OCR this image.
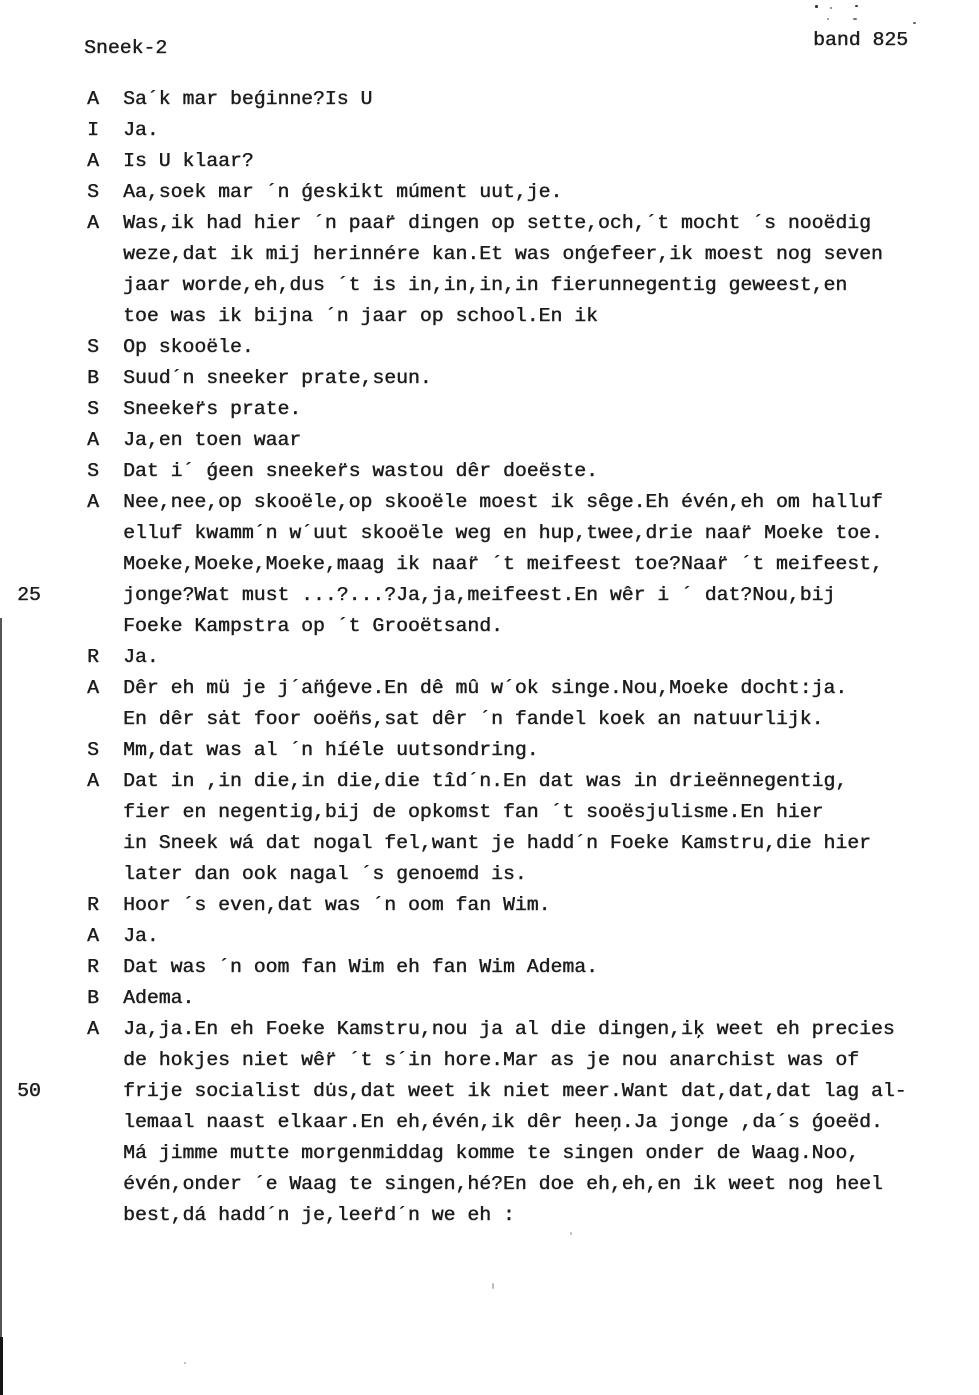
Sneek-2	band 825
A Sa´k mar beǵinne?Is U
I Ja.
A Is U klaar?
S Aa,soek mar ´n ǵeskikt múment uut,je.
A Was,ik had hier ´n paar̈ dingen op sette,och,´t mocht ´s nooëdig
weze,dat ik mij herinnére kan.Et was onǵefeer,ik moest nog seven
jaar worde,eh,dus ´t is in,in,in,in fierunnegentig geweest,en
toe was ik bijna ´n jaar op school.En ik
S Op skooële.
B Suud´n sneeker prate,seun.
S Sneeker̈s prate.
A Ja,en toen waar
S Dat i´ ǵeen sneeker̈s wastou dêr doeëste.
A Nee,nee,op skooële,op skooële moest ik sêge.Eh évén,eh om halluf
elluf kwamm´n w´uut skooële weg en hup,twee,drie naar̈ Moeke toe.
Moeke,Moeke,Moeke,maag ik naar̈ ´t meifeest toe?Naar̈ ´t meifeest,
25	jonge?Wat must ...?...?Ja,ja,meifeest.En wêr i ´ dat?Nou,bij
Foeke Kampstra op ´t Grooëtsand.
R Ja.
A Dêr eh mü je j´an̈ǵeve.En dê mû w´ok singe.Nou,Moeke docht:ja.
En dêr sȧt foor ooën̈s,sat dêr ´n fandel koek an natuurlijk.
S Mm,dat was al ´n híéle uutsondring.
A Dat in ,in die,in die,die tîd´n.En dat was in drieënnegentig,
fier en negentig,bij de opkomst fan ´t sooësjulisme.En hier
in Sneek wá dat nogal fel,want je hadd´n Foeke Kamstru,die hier
later dan ook nagal ´s genoemd is.
R Hoor ´s even,dat was ´n oom fan Wim.
A Ja.
R Dat was ´n oom fan Wim eh fan Wim Adema.
B Adema.
A Ja,ja.En eh Foeke Kamstru,nou ja al die dingen,iķ weet eh precies
de hokjes niet wêr̈ ´t s´in hore.Mar as je nou anarchist was of
50	frije socialist du̇s,dat weet ik niet meer.Want dat,dat,dat lag al-
lemaal naast elkaar.En eh,évén,ik dêr heeņ.Ja jonge ,da´s ǵoeëd.
Má jimme mutte morgenmiddag komme te singen onder de Waag.Noo,
évén,onder ´e Waag te singen,hé?En doe eh,eh,en ik weet nog heel
best,dá hadd´n je,leer̈d´n we eh :
